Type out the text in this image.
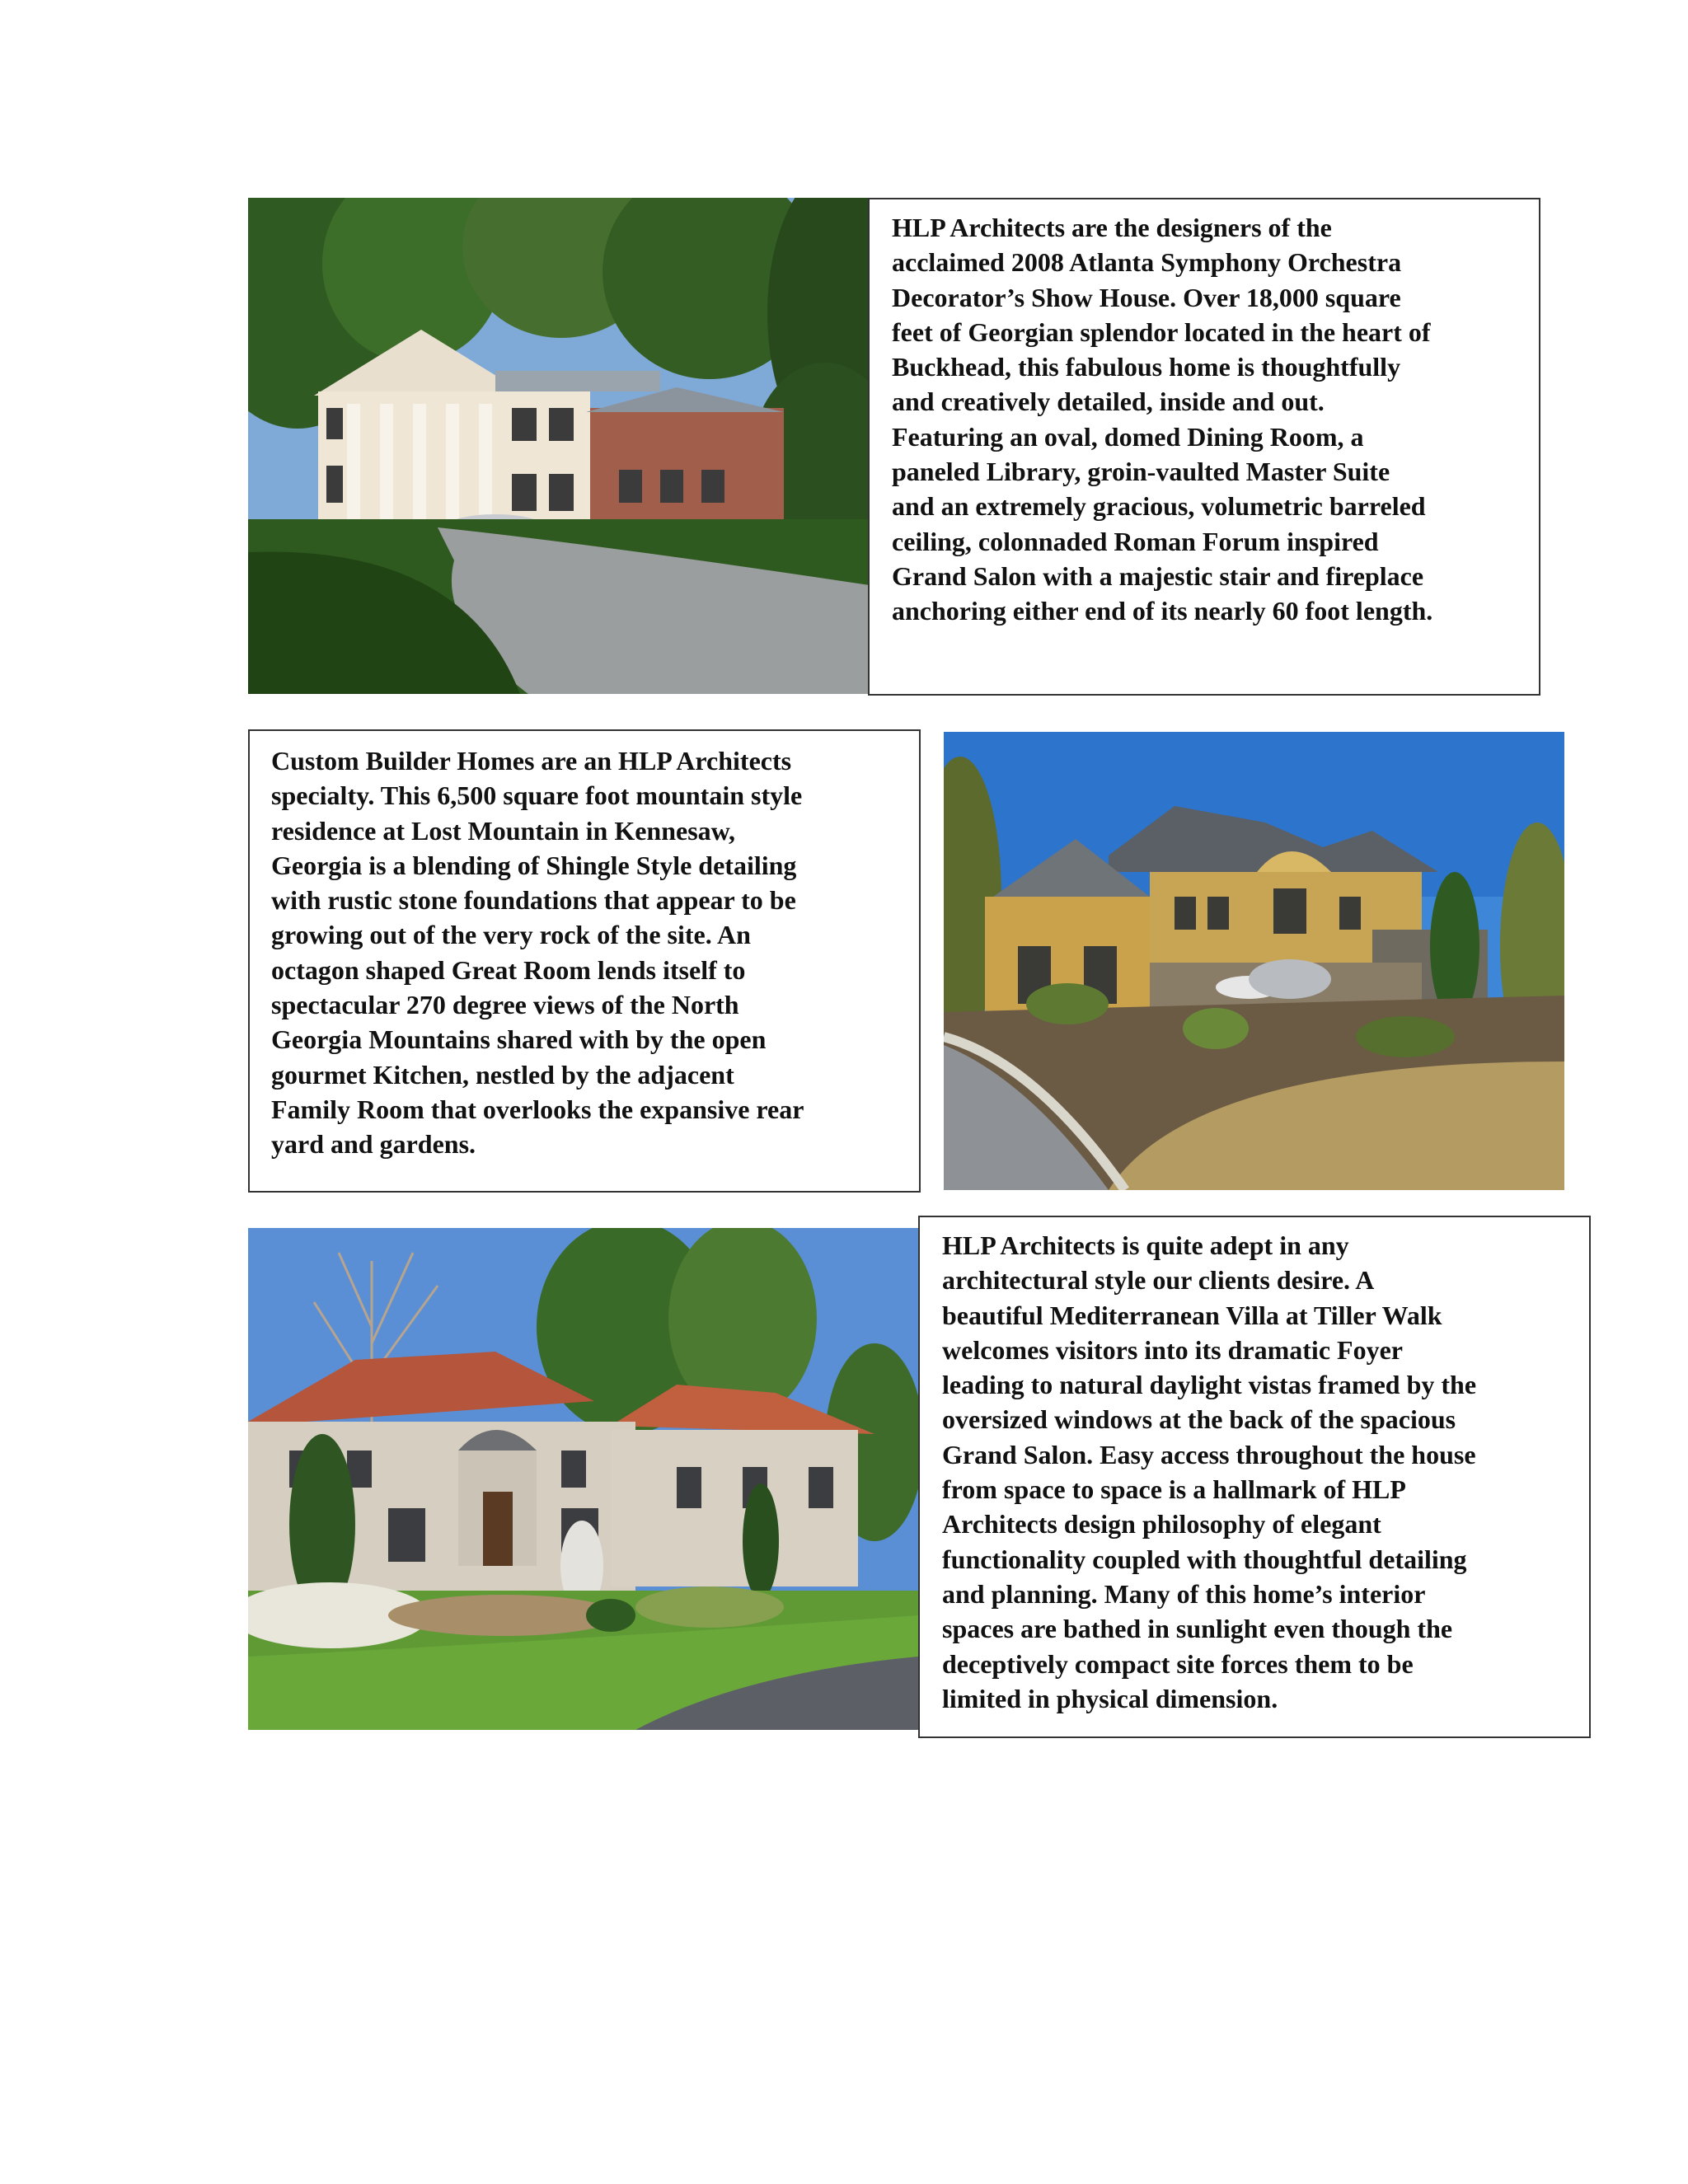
HLP Architects are the designers of the
acclaimed 2008 Atlanta Symphony Orchestra
Decorator’s Show House. Over 18,000 square
feet of Georgian splendor located in the heart of
Buckhead, this fabulous home is thoughtfully
and creatively detailed, inside and out.
Featuring an oval, domed Dining Room, a
paneled Library, groin-vaulted Master Suite
and an extremely gracious, volumetric barreled
ceiling, colonnaded Roman Forum inspired
Grand Salon with a majestic stair and fireplace
anchoring either end of its nearly 60 foot length.
Custom Builder Homes are an HLP Architects
specialty. This 6,500 square foot mountain style
residence at Lost Mountain in Kennesaw,
Georgia is a blending of Shingle Style detailing
with rustic stone foundations that appear to be
growing out of the very rock of the site. An
octagon shaped Great Room lends itself to
spectacular 270 degree views of the North
Georgia Mountains shared with by the open
gourmet Kitchen, nestled by the adjacent
Family Room that overlooks the expansive rear
yard and gardens.
HLP Architects is quite adept in any
architectural style our clients desire. A
beautiful Mediterranean Villa at Tiller Walk
welcomes visitors into its dramatic Foyer
leading to natural daylight vistas framed by the
oversized windows at the back of the spacious
Grand Salon. Easy access throughout the house
from space to space is a hallmark of HLP
Architects design philosophy of elegant
functionality coupled with thoughtful detailing
and planning. Many of this home’s interior
spaces are bathed in sunlight even though the
deceptively compact site forces them to be
limited in physical dimension.
